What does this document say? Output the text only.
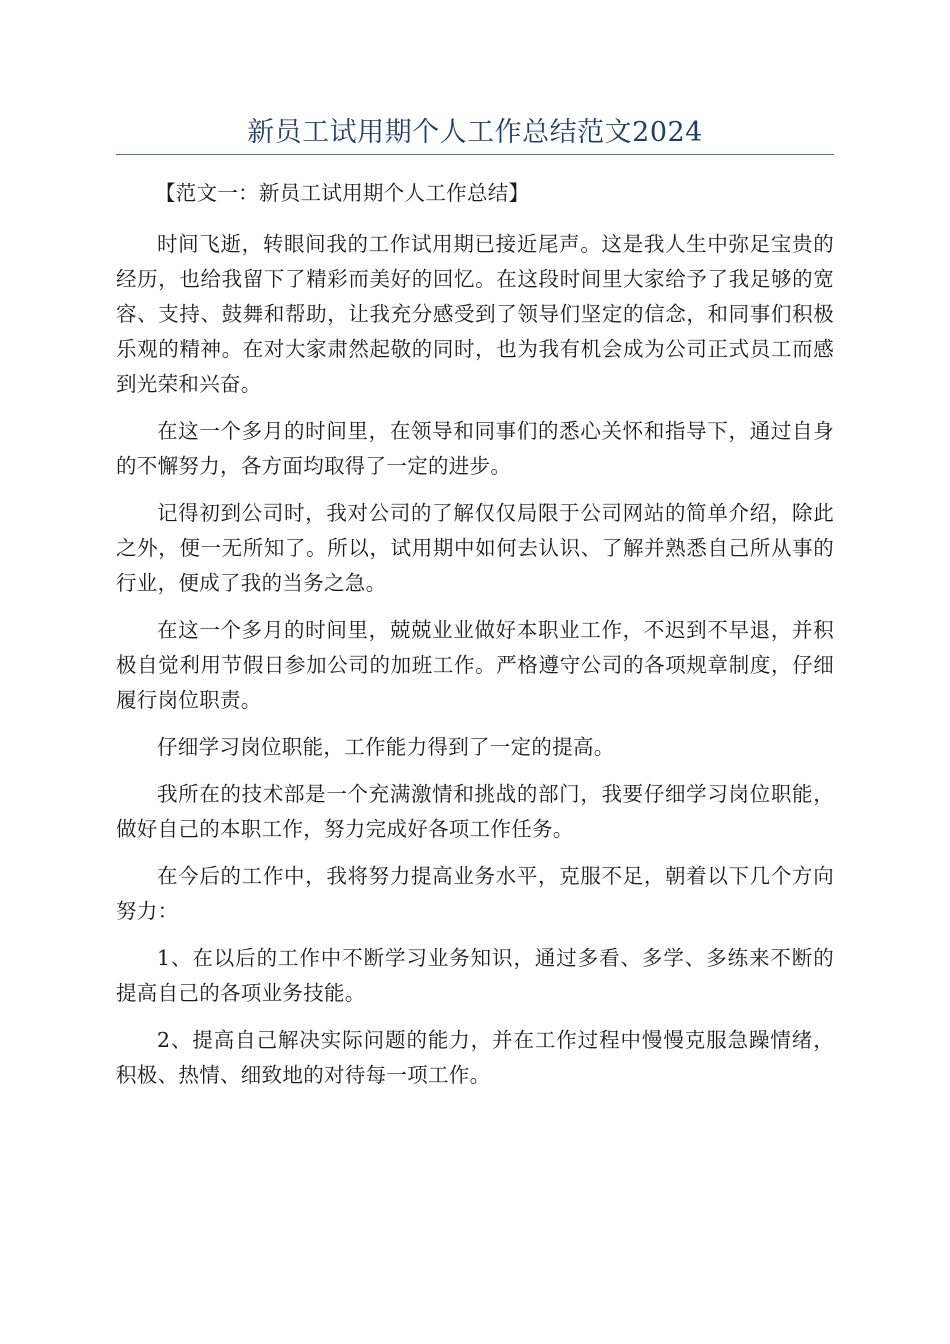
新员工试用期个人工作总结范文2024

【范文一：新员工试用期个人工作总结】

时间飞逝，转眼间我的工作试用期已接近尾声。这是我人生中弥足宝贵的经历，也给我留下了精彩而美好的回忆。在这段时间里大家给予了我足够的宽容、支持、鼓舞和帮助，让我充分感受到了领导们坚定的信念，和同事们积极乐观的精神。在对大家肃然起敬的同时，也为我有机会成为公司正式员工而感到光荣和兴奋。

在这一个多月的时间里，在领导和同事们的悉心关怀和指导下，通过自身的不懈努力，各方面均取得了一定的进步。

记得初到公司时，我对公司的了解仅仅局限于公司网站的简单介绍，除此之外，便一无所知了。所以，试用期中如何去认识、了解并熟悉自己所从事的行业，便成了我的当务之急。

在这一个多月的时间里，兢兢业业做好本职业工作，不迟到不早退，并积极自觉利用节假日参加公司的加班工作。严格遵守公司的各项规章制度，仔细履行岗位职责。

仔细学习岗位职能，工作能力得到了一定的提高。

我所在的技术部是一个充满激情和挑战的部门，我要仔细学习岗位职能，做好自己的本职工作，努力完成好各项工作任务。

在今后的工作中，我将努力提高业务水平，克服不足，朝着以下几个方向努力：

1、在以后的工作中不断学习业务知识，通过多看、多学、多练来不断的提高自己的各项业务技能。

2、提高自己解决实际问题的能力，并在工作过程中慢慢克服急躁情绪，积极、热情、细致地的对待每一项工作。
